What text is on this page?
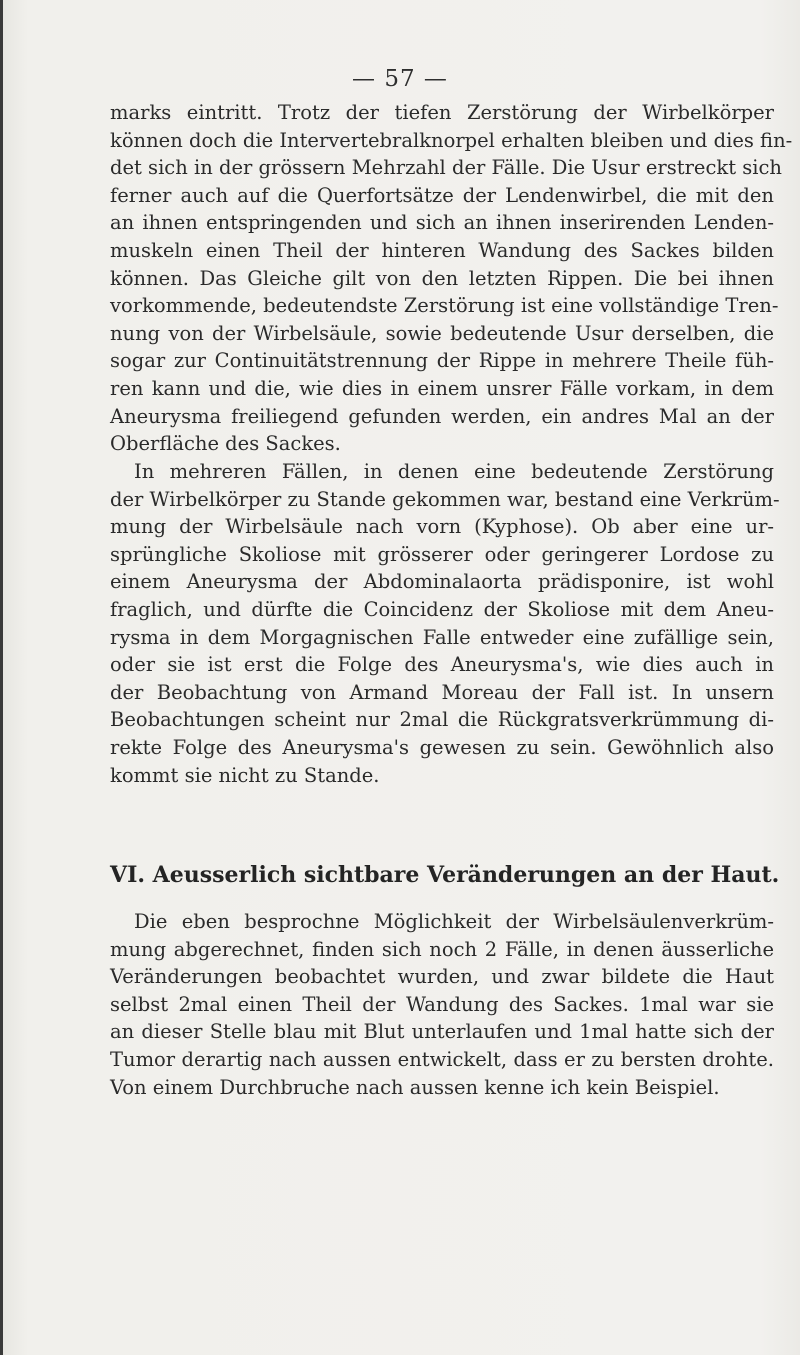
— 57 —
marks eintritt. Trotz der tiefen Zerstörung der Wirbelkörper
können doch die Intervertebralknorpel erhalten bleiben und dies fin-
det sich in der grössern Mehrzahl der Fälle. Die Usur erstreckt sich
ferner auch auf die Querfortsätze der Lendenwirbel, die mit den
an ihnen entspringenden und sich an ihnen inserirenden Lenden-
muskeln einen Theil der hinteren Wandung des Sackes bilden
können. Das Gleiche gilt von den letzten Rippen. Die bei ihnen
vorkommende, bedeutendste Zerstörung ist eine vollständige Tren-
nung von der Wirbelsäule, sowie bedeutende Usur derselben, die
sogar zur Continuitätstrennung der Rippe in mehrere Theile füh-
ren kann und die, wie dies in einem unsrer Fälle vorkam, in dem
Aneurysma freiliegend gefunden werden, ein andres Mal an der
Oberfläche des Sackes.
In mehreren Fällen, in denen eine bedeutende Zerstörung
der Wirbelkörper zu Stande gekommen war, bestand eine Verkrüm-
mung der Wirbelsäule nach vorn (Kyphose). Ob aber eine ur-
sprüngliche Skoliose mit grösserer oder geringerer Lordose zu
einem Aneurysma der Abdominalaorta prädisponire, ist wohl
fraglich, und dürfte die Coincidenz der Skoliose mit dem Aneu-
rysma in dem Morgagnischen Falle entweder eine zufällige sein,
oder sie ist erst die Folge des Aneurysma's, wie dies auch in
der Beobachtung von Armand Moreau der Fall ist. In unsern
Beobachtungen scheint nur 2mal die Rückgratsverkrümmung di-
rekte Folge des Aneurysma's gewesen zu sein. Gewöhnlich also
kommt sie nicht zu Stande.
VI. Aeusserlich sichtbare Veränderungen an der Haut.
Die eben besprochne Möglichkeit der Wirbelsäulenverkrüm-
mung abgerechnet, finden sich noch 2 Fälle, in denen äusserliche
Veränderungen beobachtet wurden, und zwar bildete die Haut
selbst 2mal einen Theil der Wandung des Sackes. 1mal war sie
an dieser Stelle blau mit Blut unterlaufen und 1mal hatte sich der
Tumor derartig nach aussen entwickelt, dass er zu bersten drohte.
Von einem Durchbruche nach aussen kenne ich kein Beispiel.
